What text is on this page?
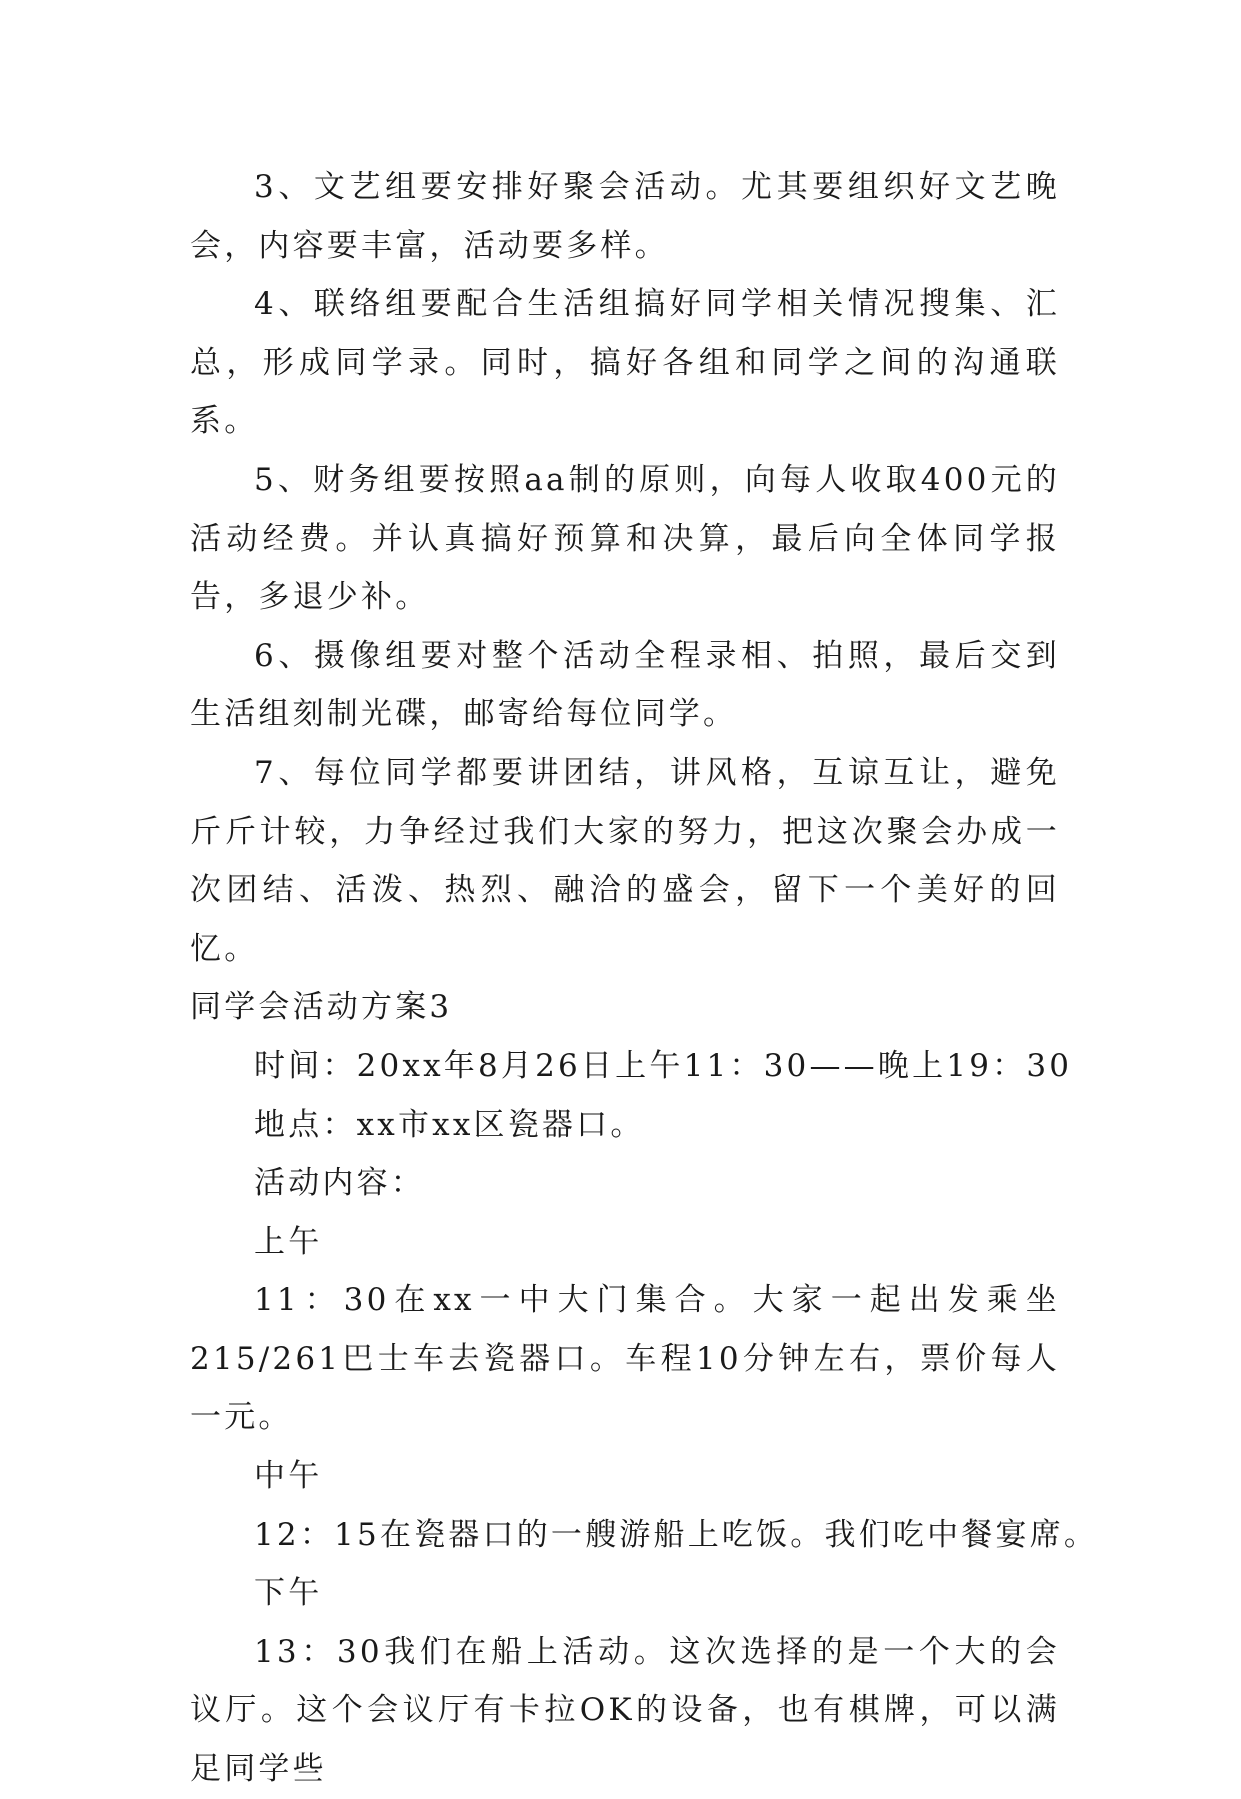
3、文艺组要安排好聚会活动。尤其要组织好文艺晚会，内容要丰富，活动要多样。

4、联络组要配合生活组搞好同学相关情况搜集、汇总，形成同学录。同时，搞好各组和同学之间的沟通联系。

5、财务组要按照aa制的原则，向每人收取400元的活动经费。并认真搞好预算和决算，最后向全体同学报告，多退少补。

6、摄像组要对整个活动全程录相、拍照，最后交到生活组刻制光碟，邮寄给每位同学。

7、每位同学都要讲团结，讲风格，互谅互让，避免斤斤计较，力争经过我们大家的努力，把这次聚会办成一次团结、活泼、热烈、融洽的盛会，留下一个美好的回忆。

同学会活动方案3

时间：20xx年8月26日上午11：30——晚上19：30

地点：xx市xx区瓷器口。

活动内容：

上午

11：30在xx一中大门集合。大家一起出发乘坐215/261巴士车去瓷器口。车程10分钟左右，票价每人一元。

中午

12：15在瓷器口的一艘游船上吃饭。我们吃中餐宴席。

下午

13：30我们在船上活动。这次选择的是一个大的会议厅。这个会议厅有卡拉OK的设备，也有棋牌，可以满足同学些
